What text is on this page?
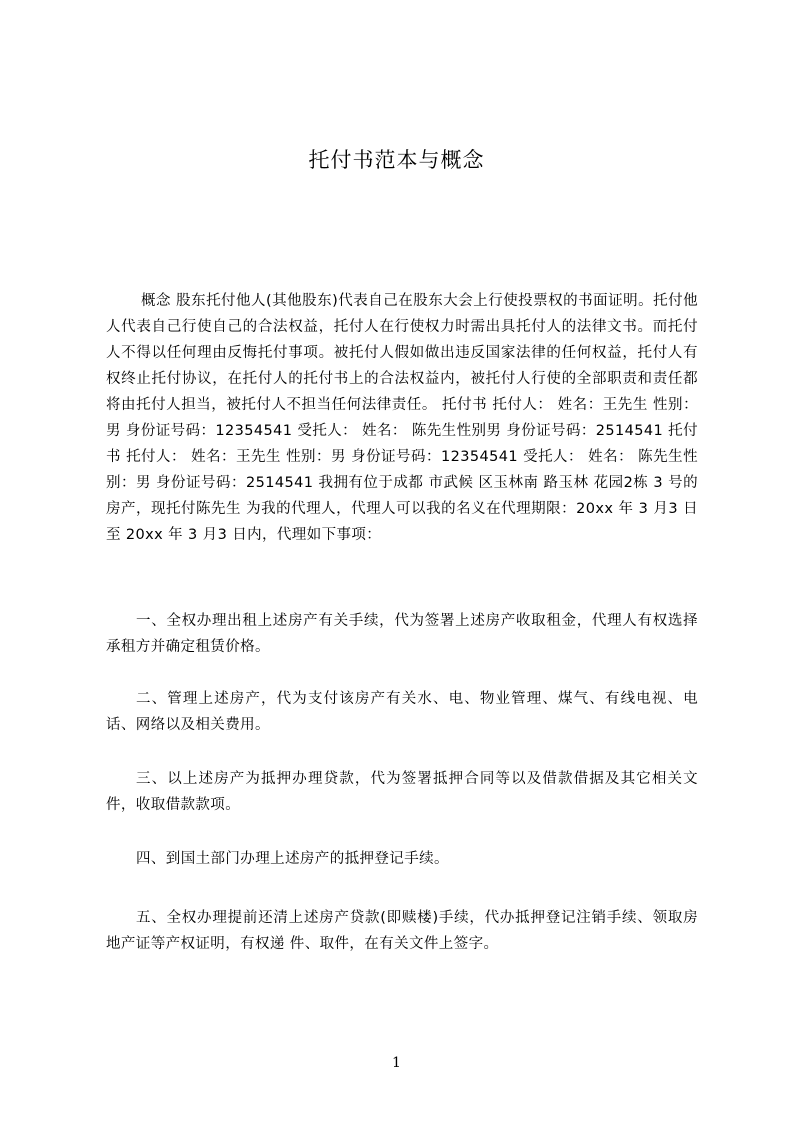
托付书范本与概念
概念 股东托付他人(其他股东)代表自己在股东大会上行使投票权的书面证明。托付他人代表自己行使自己的合法权益，托付人在行使权力时需出具托付人的法律文书。而托付人不得以任何理由反悔托付事项。被托付人假如做出违反国家法律的任何权益，托付人有权终止托付协议，在托付人的托付书上的合法权益内，被托付人行使的全部职责和责任都将由托付人担当，被托付人不担当任何法律责任。 托付书 托付人： 姓名：王先生 性别：男 身份证号码：12354541 受托人： 姓名： 陈先生性别男 身份证号码：2514541 托付 书 托付人： 姓名：王先生 性别：男 身份证号码：12354541 受托人： 姓名： 陈先生性别：男 身份证号码：2514541 我拥有位于成都 市武候 区玉林南 路玉林 花园2栋 3 号的房产，现托付陈先生 为我的代理人，代理人可以我的名义在代理期限：20xx 年 3 月3 日至 20xx 年 3 月3 日内，代理如下事项：
一、全权办理出租上述房产有关手续，代为签署上述房产收取租金，代理人有权选择承租方并确定租赁价格。
二、管理上述房产，代为支付该房产有关水、电、物业管理、煤气、有线电视、电话、网络以及相关费用。
三、以上述房产为抵押办理贷款，代为签署抵押合同等以及借款借据及其它相关文件，收取借款款项。
四、到国土部门办理上述房产的抵押登记手续。
五、全权办理提前还清上述房产贷款(即赎楼)手续，代办抵押登记注销手续、领取房地产证等产权证明，有权递 件、取件，在有关文件上签字。
1
